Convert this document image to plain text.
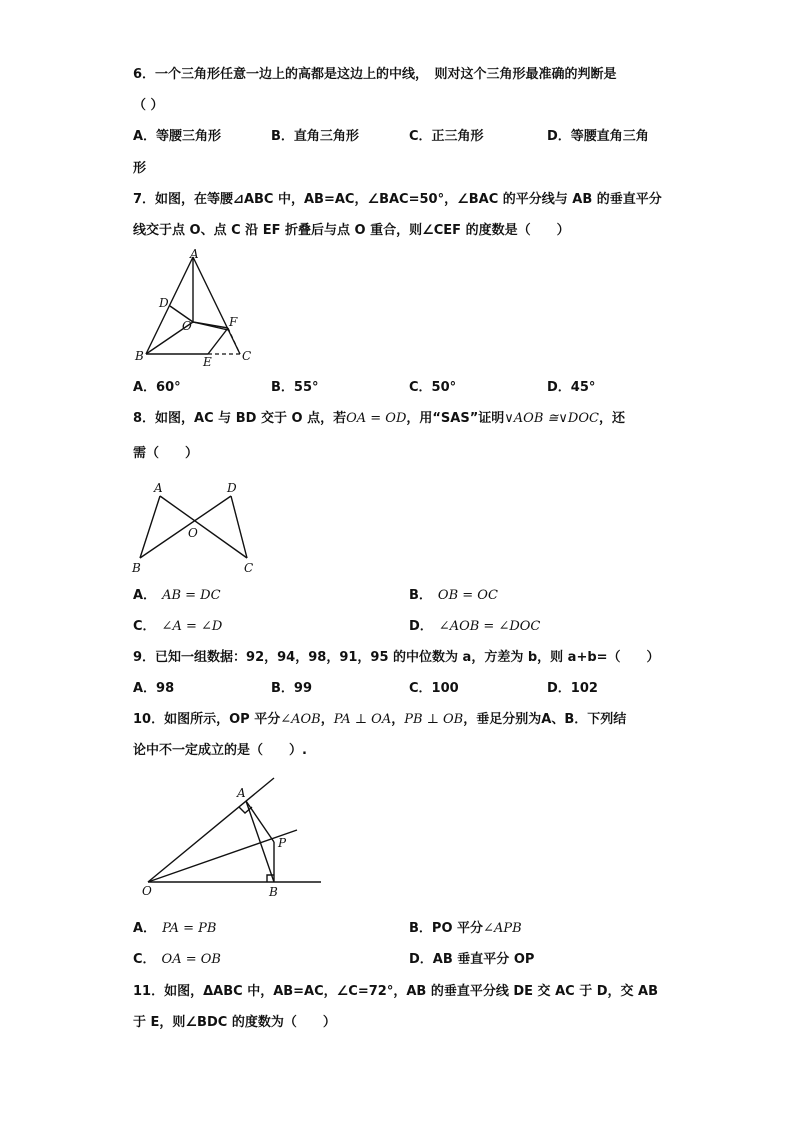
6．一个三角形任意一边上的高都是这边上的中线，　则对这个三角形最准确的判断是
（ ）
A．等腰三角形	B．直角三角形	C．正三角形	D．等腰直角三角
形
7．如图，在等腰⊿ABC 中，AB=AC，∠BAC=50°，∠BAC 的平分线与 AB 的垂直平分
线交于点 O、点 C 沿 EF 折叠后与点 O 重合，则∠CEF 的度数是（　　）
A
D
O	F
B	E	C
A．60°	B．55°	C．50°	D．45°
8．如图，AC 与 BD 交于 O 点，若OA = OD，用“SAS”证明∨AOB ≅∨DOC，还
需（　　）
A	D
O
B	C
A． AB = DC	B． OB = OC
C． ∠A = ∠D	D． ∠AOB = ∠DOC
9．已知一组数据：92，94，98，91，95 的中位数为 a，方差为 b，则 a+b=（　　）
A．98	B．99	C．100	D．102
10．如图所示，OP 平分∠AOB，PA ⊥ OA，PB ⊥ OB，垂足分别为A、B．下列结
论中不一定成立的是（　　）.
A
P
O	B
A． PA = PB	B．PO 平分∠APB
C． OA = OB	D．AB 垂直平分 OP
11．如图，ΔABC 中，AB=AC，∠C=72°，AB 的垂直平分线 DE 交 AC 于 D，交 AB
于 E，则∠BDC 的度数为（　　）
